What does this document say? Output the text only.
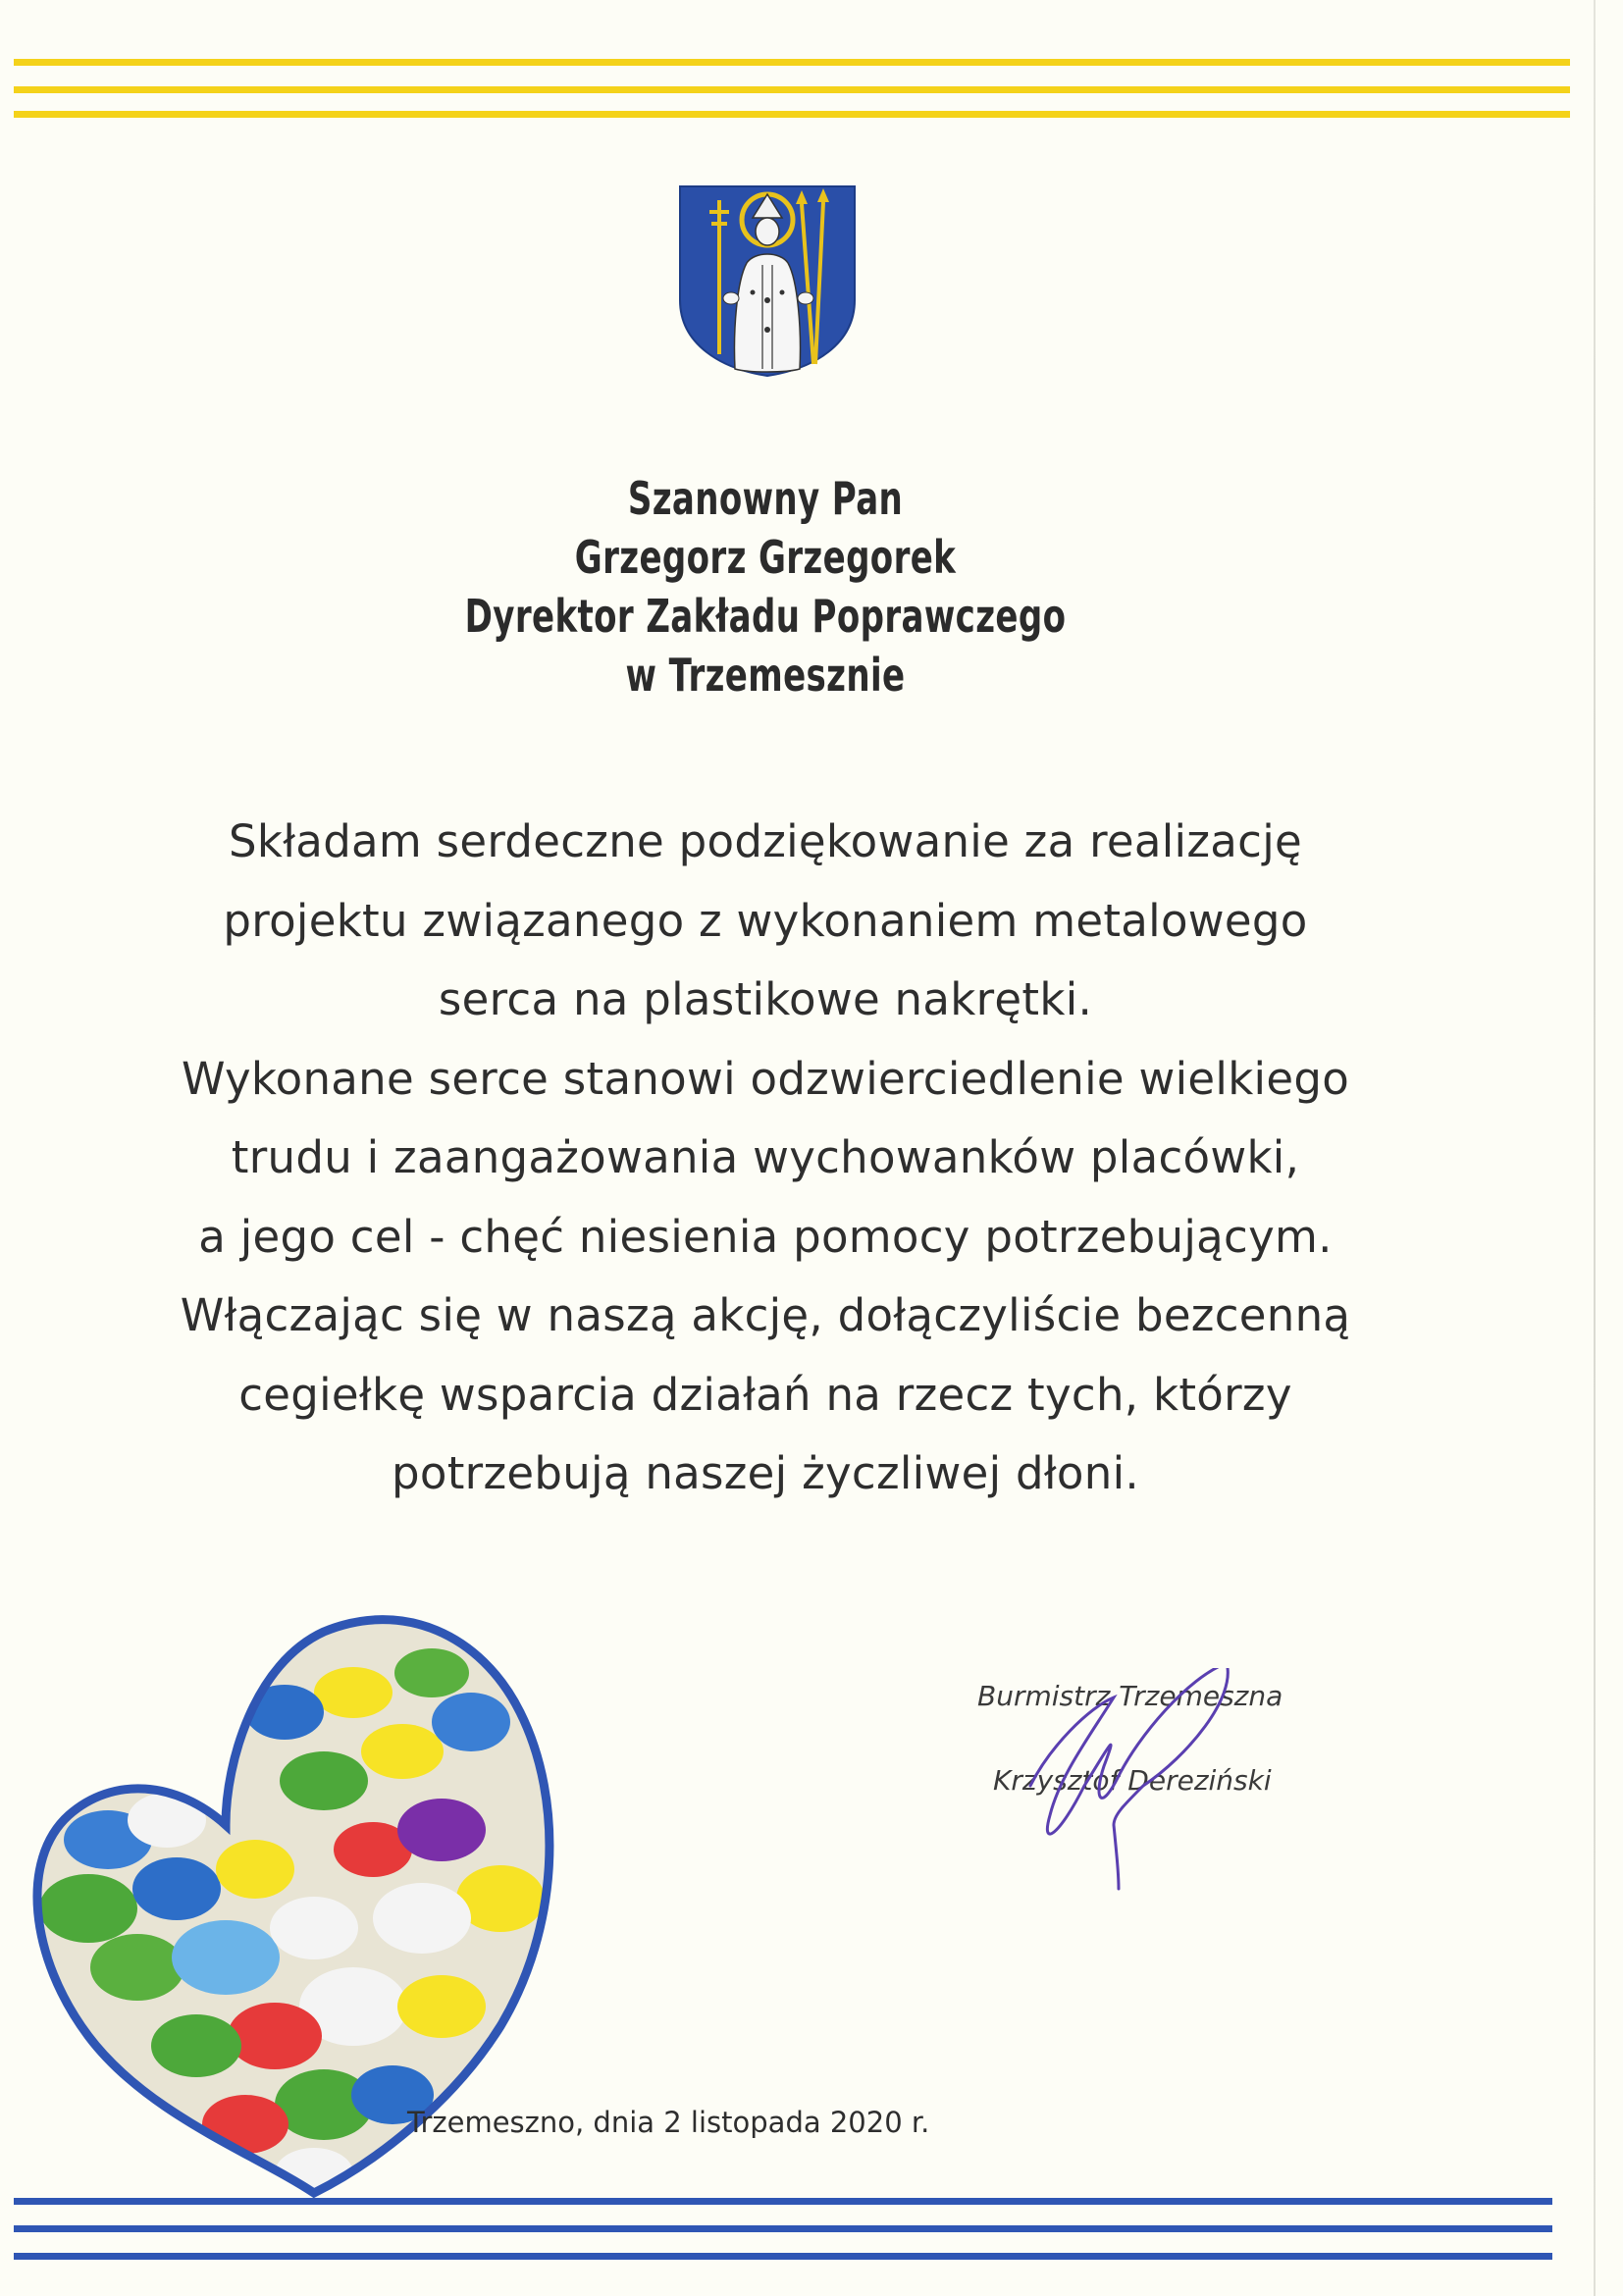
Szanowny Pan
Grzegorz Grzegorek
Dyrektor Zakładu Poprawczego
w Trzemesznie
Składam serdeczne podziękowanie za realizację
projektu związanego z wykonaniem metalowego
serca na plastikowe nakrętki.
Wykonane serce stanowi odzwierciedlenie wielkiego
trudu i zaangażowania wychowanków placówki,
a jego cel - chęć niesienia pomocy potrzebującym.
Włączając się w naszą akcję, dołączyliście bezcenną
cegiełkę wsparcia działań na rzecz tych, którzy
potrzebują naszej życzliwej dłoni.
Burmistrz Trzemeszna
Krzysztof Dereziński
Trzemeszno, dnia 2 listopada 2020 r.
